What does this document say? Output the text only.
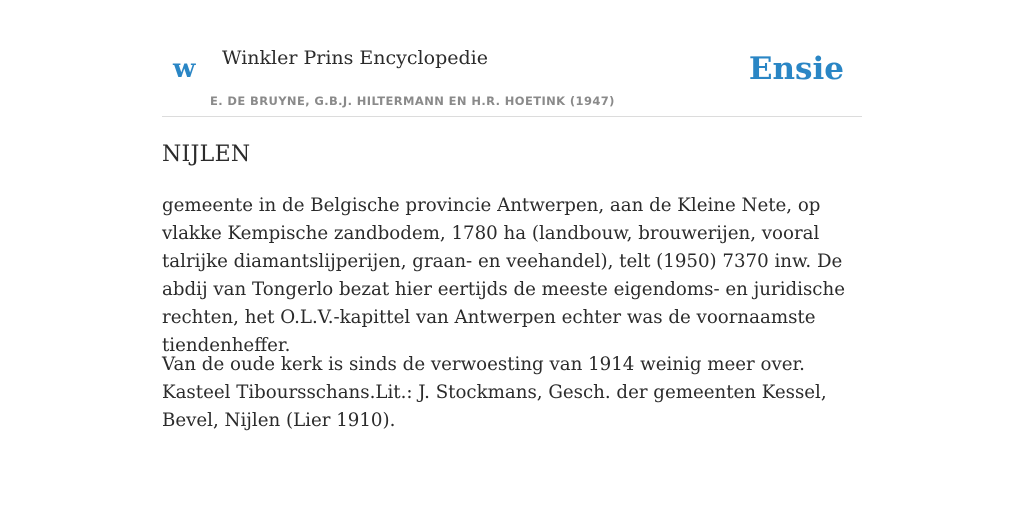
w Winkler Prins Encyclopedie
E. DE BRUYNE, G.B.J. HILTERMANN EN H.R. HOETINK (1947)
Ensie
NIJLEN

gemeente in de Belgische provincie Antwerpen, aan de Kleine Nete, op vlakke Kempische zandbodem, 1780 ha (landbouw, brouwerijen, vooral talrijke diamantslijperijen, graan- en veehandel), telt (1950) 7370 inw. De abdij van Tongerlo bezat hier eertijds de meeste eigendoms- en juridische rechten, het O.L.V.-kapittel van Antwerpen echter was de voornaamste tiendenheffer.

Van de oude kerk is sinds de verwoesting van 1914 weinig meer over. Kasteel Tiboursschans.Lit.: J. Stockmans, Gesch. der gemeenten Kessel, Bevel, Nijlen (Lier 1910).
